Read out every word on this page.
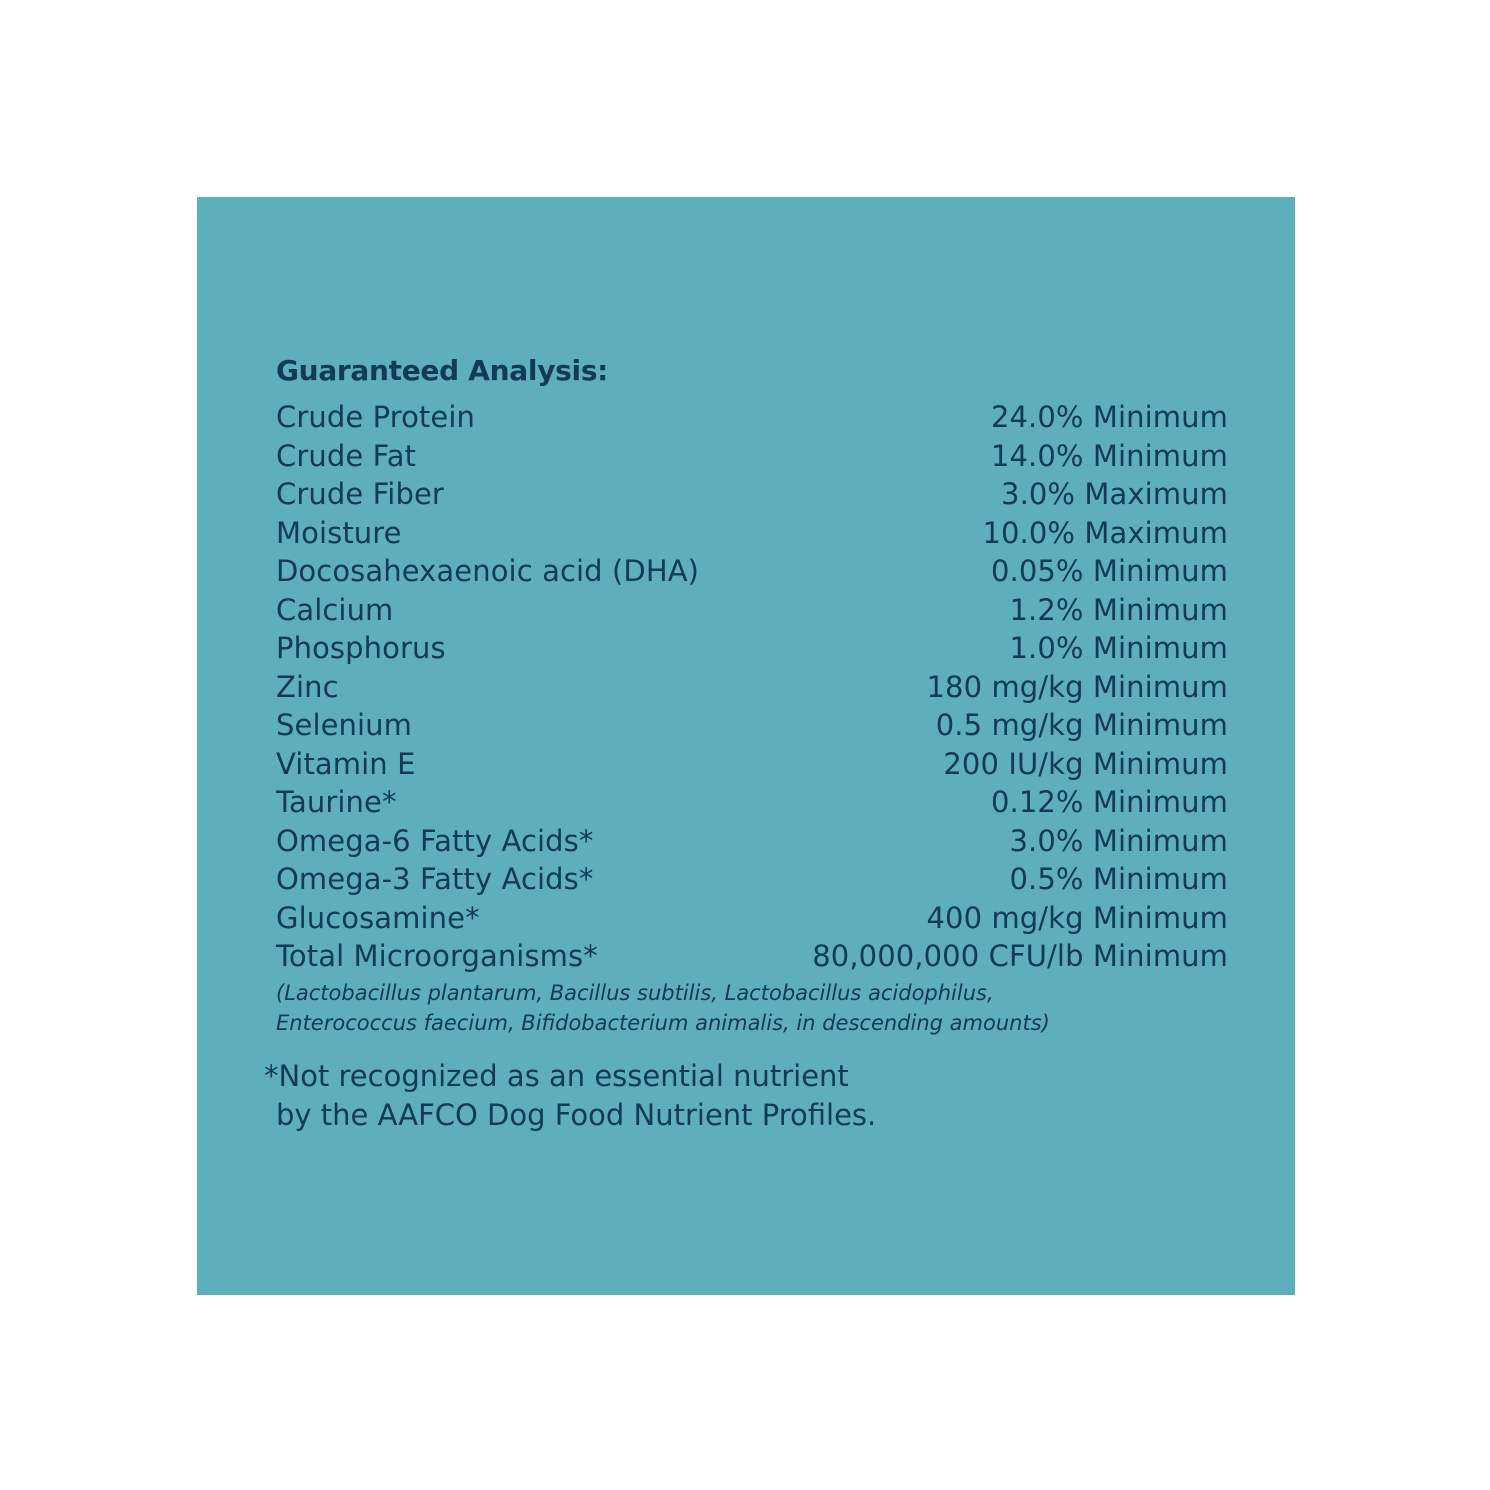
Guaranteed Analysis:
Crude Protein	24.0% Minimum
Crude Fat	14.0% Minimum
Crude Fiber	3.0% Maximum
Moisture	10.0% Maximum
Docosahexaenoic acid (DHA)	0.05% Minimum
Calcium	1.2% Minimum
Phosphorus	1.0% Minimum
Zinc	180 mg/kg Minimum
Selenium	0.5 mg/kg Minimum
Vitamin E	200 IU/kg Minimum
Taurine*	0.12% Minimum
Omega-6 Fatty Acids*	3.0% Minimum
Omega-3 Fatty Acids*	0.5% Minimum
Glucosamine*	400 mg/kg Minimum
Total Microorganisms*	80,000,000 CFU/lb Minimum
(Lactobacillus plantarum, Bacillus subtilis, Lactobacillus acidophilus,
Enterococcus faecium, Bifidobacterium animalis, in descending amounts)
*Not recognized as an essential nutrient
by the AAFCO Dog Food Nutrient Profiles.
